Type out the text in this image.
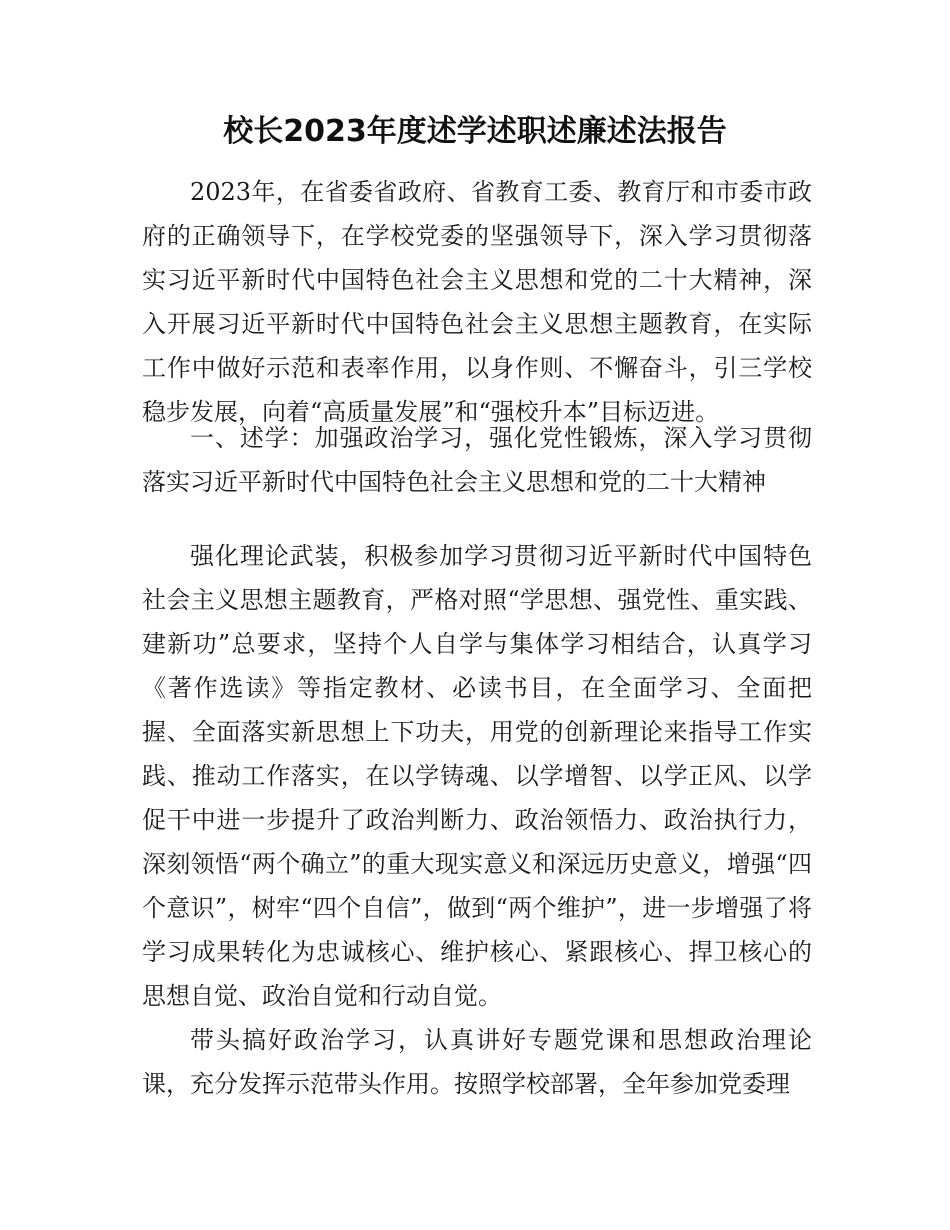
校长2023年度述学述职述廉述法报告

2023年，在省委省政府、省教育工委、教育厅和市委市政府的正确领导下，在学校党委的坚强领导下，深入学习贯彻落实习近平新时代中国特色社会主义思想和党的二十大精神，深入开展习近平新时代中国特色社会主义思想主题教育，在实际工作中做好示范和表率作用，以身作则、不懈奋斗，引三学校稳步发展，向着“高质量发展”和“强校升本”目标迈进。

一、述学：加强政治学习，强化党性锻炼，深入学习贯彻落实习近平新时代中国特色社会主义思想和党的二十大精神

强化理论武装，积极参加学习贯彻习近平新时代中国特色社会主义思想主题教育，严格对照“学思想、强党性、重实践、建新功”总要求，坚持个人自学与集体学习相结合，认真学习《著作选读》等指定教材、必读书目，在全面学习、全面把握、全面落实新思想上下功夫，用党的创新理论来指导工作实践、推动工作落实，在以学铸魂、以学增智、以学正风、以学促干中进一步提升了政治判断力、政治领悟力、政治执行力，深刻领悟“两个确立”的重大现实意义和深远历史意义，增强“四个意识”，树牢“四个自信”，做到“两个维护”，进一步增强了将学习成果转化为忠诚核心、维护核心、紧跟核心、捍卫核心的思想自觉、政治自觉和行动自觉。

带头搞好政治学习，认真讲好专题党课和思想政治理论课，充分发挥示范带头作用。按照学校部署，全年参加党委理
